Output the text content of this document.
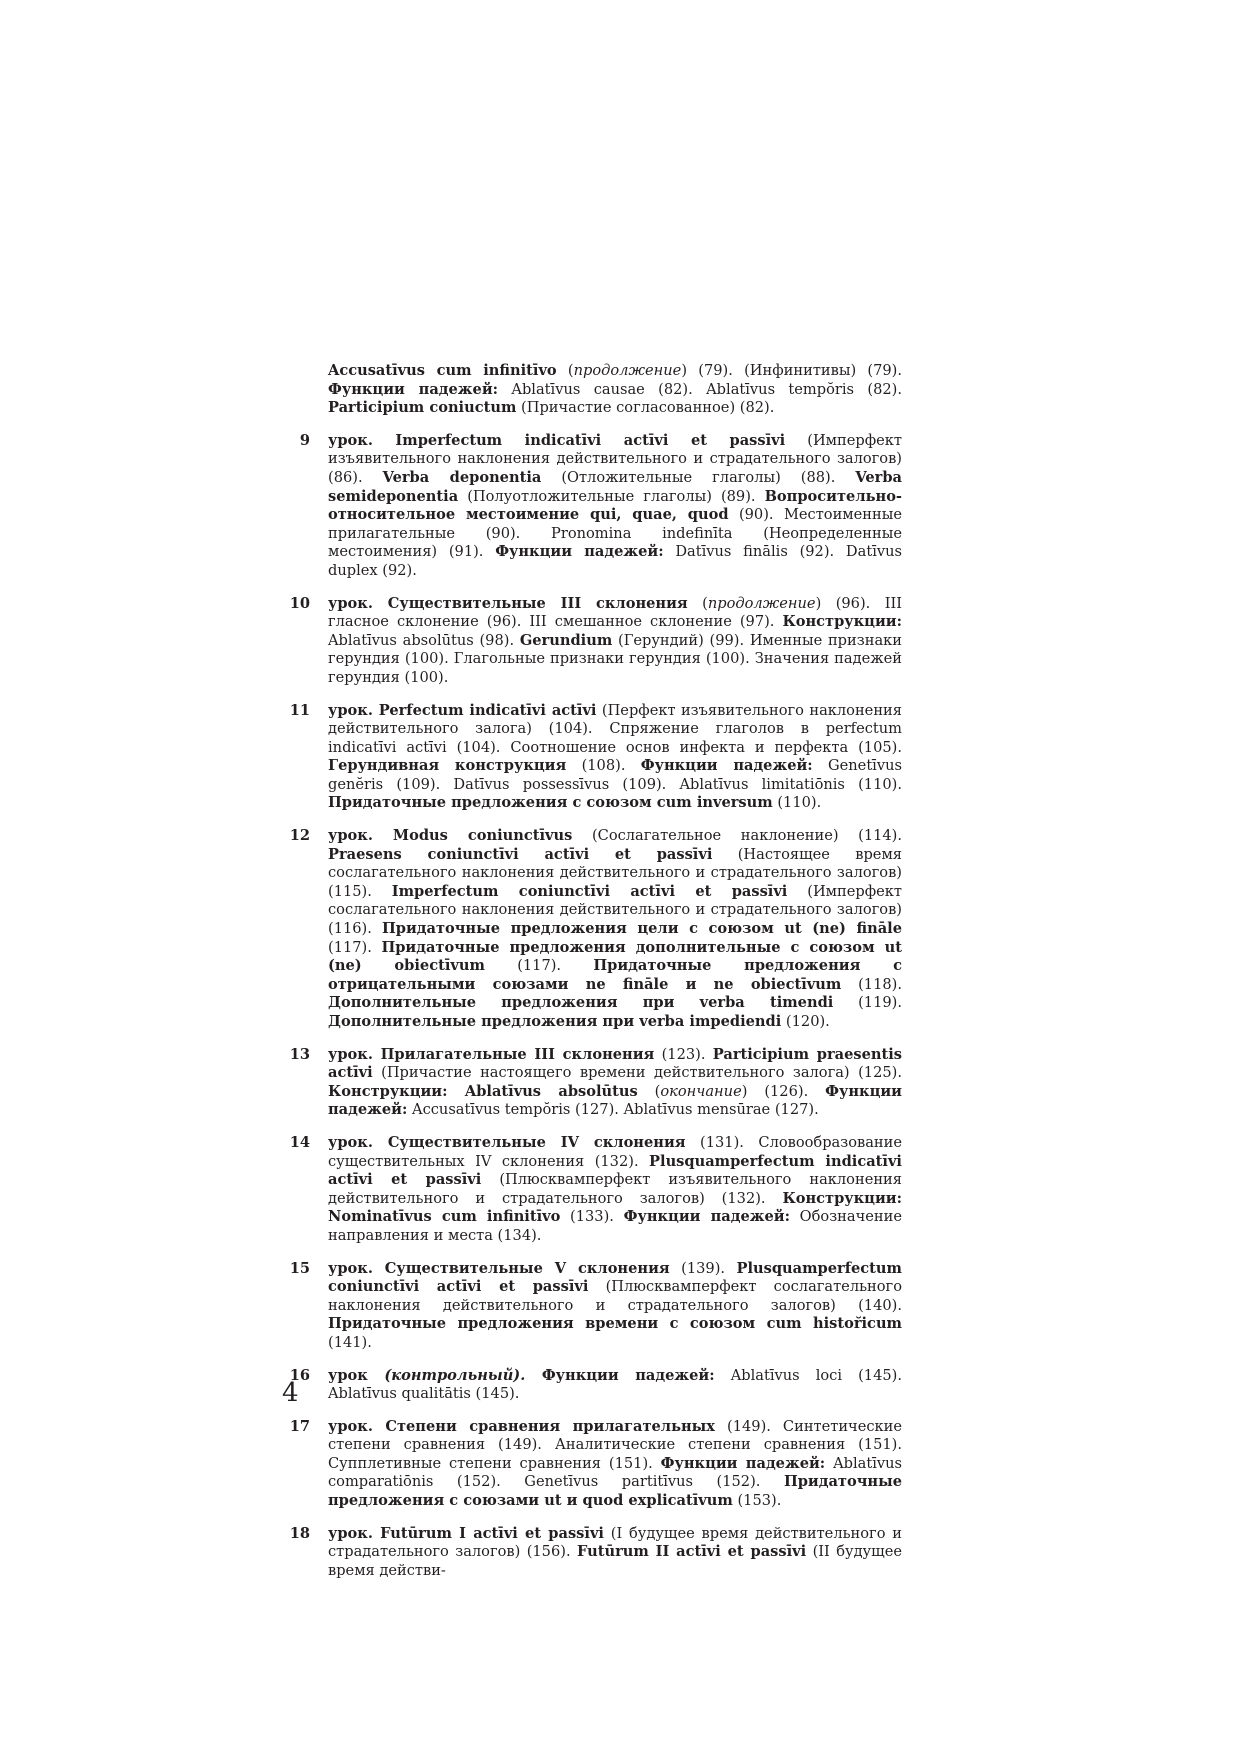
Accusatīvus cum infinitīvo (продолжение) (79). (Инфинитивы) (79). Функции падежей: Ablatīvus causae (82). Ablatīvus tempŏris (82). Participium coniuctum (Причастие согласованное) (82).
9 урок. Imperfectum indicatīvi actīvi et passīvi (Имперфект изъявительного наклонения действительного и страдательного залогов) (86). Verba deponentia (Отложительные глаголы) (88). Verba semideponentia (Полуотложительные глаголы) (89). Вопросительно-относительное местоимение qui, quae, quod (90). Местоименные прилагательные (90). Pronomina indefinīta (Неопределенные местоимения) (91). Функции падежей: Datīvus finālis (92). Datīvus duplex (92).
10 урок. Существительные III склонения (продолжение) (96). III гласное склонение (96). III смешанное склонение (97). Конструкции: Ablatīvus absolūtus (98). Gerundium (Герундий) (99). Именные признаки герундия (100). Глагольные признаки герундия (100). Значения падежей герундия (100).
11 урок. Perfectum indicatīvi actīvi (Перфект изъявительного наклонения действительного залога) (104). Спряжение глаголов в perfectum indicatīvi actīvi (104). Соотношение основ инфекта и перфекта (105). Герундивная конструкция (108). Функции падежей: Genetīvus genĕris (109). Datīvus possessīvus (109). Ablatīvus limitatiōnis (110). Придаточные предложения с союзом cum inversum (110).
12 урок. Modus coniunctīvus (Сослагательное наклонение) (114). Praesens coniunctīvi actīvi et passīvi (Настоящее время сослагательного наклонения действительного и страдательного залогов) (115). Imperfectum coniunctīvi actīvi et passīvi (Имперфект сослагательного наклонения действительного и страдательного залогов) (116). Придаточные предложения цели с союзом ut (ne) fināle (117). Придаточные предложения дополнительные с союзом ut (ne) obiectīvum (117). Придаточные предложения с отрицательными союзами ne fināle и ne obiectīvum (118). Дополнительные предложения при verba timendi (119). Дополнительные предложения при verba impediendi (120).
13 урок. Прилагательные III склонения (123). Participium praesentis actīvi (Причастие настоящего времени действительного залога) (125). Конструкции: Ablatīvus absolūtus (окончание) (126). Функции падежей: Accusatīvus tempŏris (127). Ablatīvus mensūrae (127).
14 урок. Существительные IV склонения (131). Словообразование существительных IV склонения (132). Plusquamperfectum indicatīvi actīvi et passīvi (Плюсквамперфект изъявительного наклонения действительного и страдательного залогов) (132). Конструкции: Nominatīvus cum infinitīvo (133). Функции падежей: Обозначение направления и места (134).
15 урок. Существительные V склонения (139). Plusquamperfectum coniunctīvi actīvi et passīvi (Плюсквамперфект сослагательного наклонения действительного и страдательного залогов) (140). Придаточные предложения времени с союзом cum histor̆icum (141).
16 урок (контрольный). Функции падежей: Ablatīvus loci (145). Ablatīvus qualitātis (145).
17 урок. Степени сравнения прилагательных (149). Синтетические степени сравнения (149). Аналитические степени сравнения (151). Супплетивные степени сравнения (151). Функции падежей: Ablatīvus comparatiōnis (152). Genetīvus partitīvus (152). Придаточные предложения с союзами ut и quod explicatīvum (153).
18 урок. Futūrum I actīvi et passīvi (I будущее время действительного и страдательного залогов) (156). Futūrum II actīvi et passīvi (II будущее время действи-
4
